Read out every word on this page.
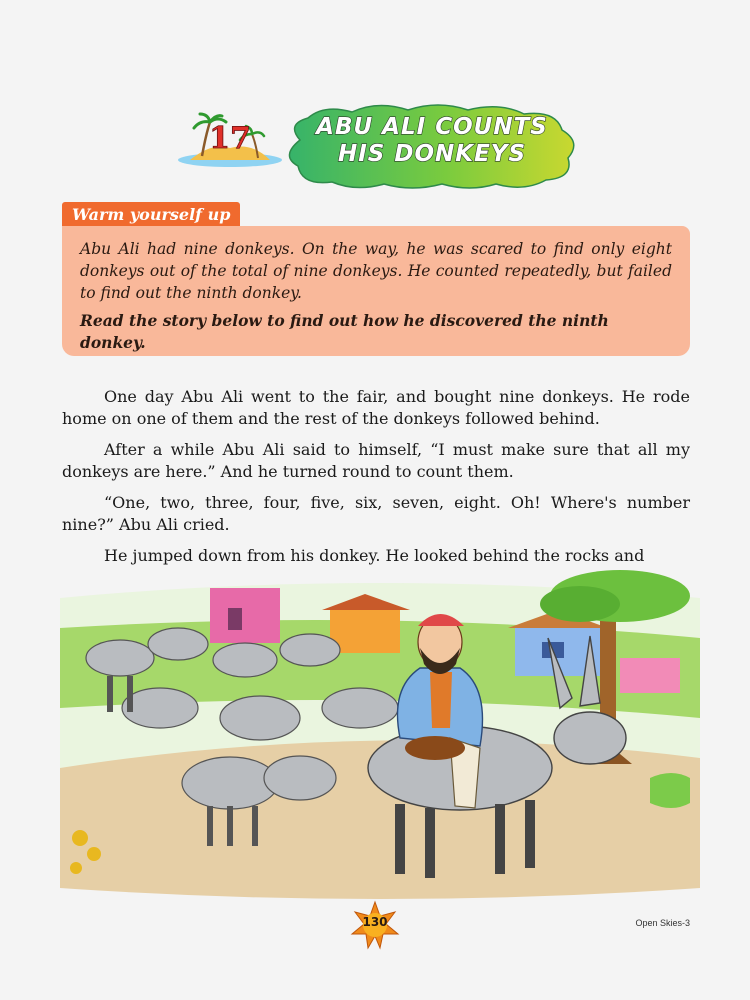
17	ABU ALI COUNTS
HIS DONKEYS
Warm yourself up

Abu Ali had nine donkeys. On the way, he was scared to find only eight donkeys out of the total of nine donkeys. He counted repeatedly, but failed to find out the ninth donkey.

Read the story below to find out how he discovered the ninth donkey.

One day Abu Ali went to the fair, and bought nine donkeys. He rode home on one of them and the rest of the donkeys followed behind.

After a while Abu Ali said to himself, “I must make sure that all my donkeys are here.” And he turned round to count them.

“One, two, three, four, five, six, seven, eight. Oh! Where's number nine?” Abu Ali cried.

He jumped down from his donkey. He looked behind the rocks and

130	Open Skies-3
